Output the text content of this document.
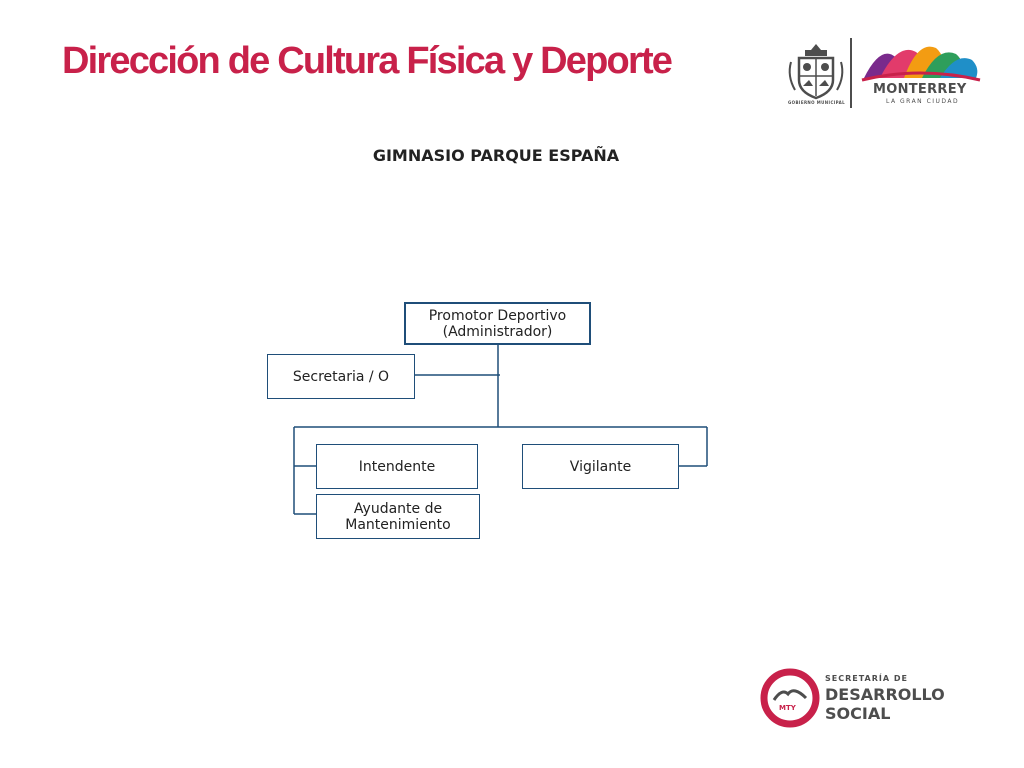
Dirección de Cultura Física y Deporte
GOBIERNO MUNICIPAL
MONTERREY
LA GRAN CIUDAD
GIMNASIO PARQUE ESPAÑA
Promotor Deportivo
(Administrador)
Secretaria / O
Intendente	Vigilante
Ayudante de
Mantenimiento
MTY
SECRETARÍA DE
DESARROLLO
SOCIAL
